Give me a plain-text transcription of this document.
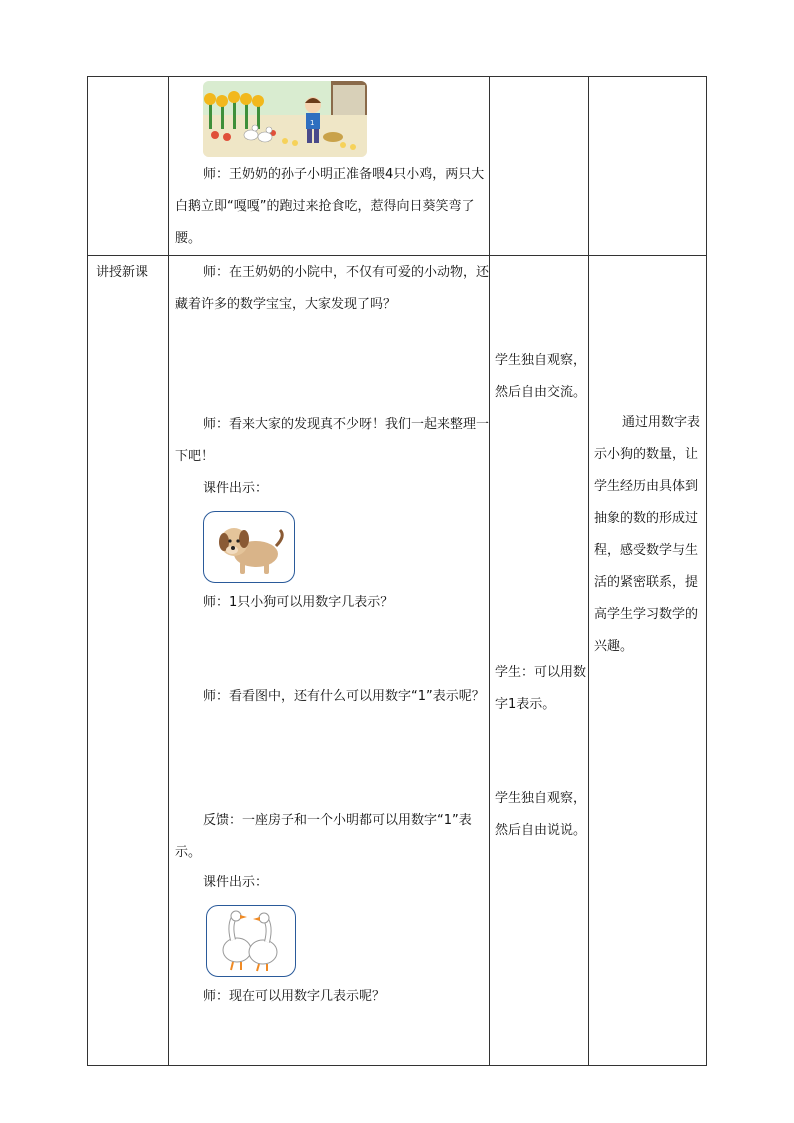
1

师：王奶奶的孙子小明正准备喂4只小鸡，两只大白鹅立即“嘎嘎”的跑过来抢食吃，惹得向日葵笑弯了腰。

讲授新课	师：在王奶奶的小院中，不仅有可爱的小动物，还藏着许多的数学宝宝，大家发现了吗？

师：看来大家的发现真不少呀！我们一起来整理一下吧！

课件出示：

师：1只小狗可以用数字几表示？

师：看看图中，还有什么可以用数字“1”表示呢？

反馈：一座房子和一个小明都可以用数字“1”表示。

课件出示：

师：现在可以用数字几表示呢？

学生独自观察，然后自由交流。
学生：可以用数字1表示。
学生独自观察，然后自由说说。

通过用数字表示小狗的数量，让学生经历由具体到抽象的数的形成过程，感受数学与生活的紧密联系，提高学生学习数学的兴趣。
